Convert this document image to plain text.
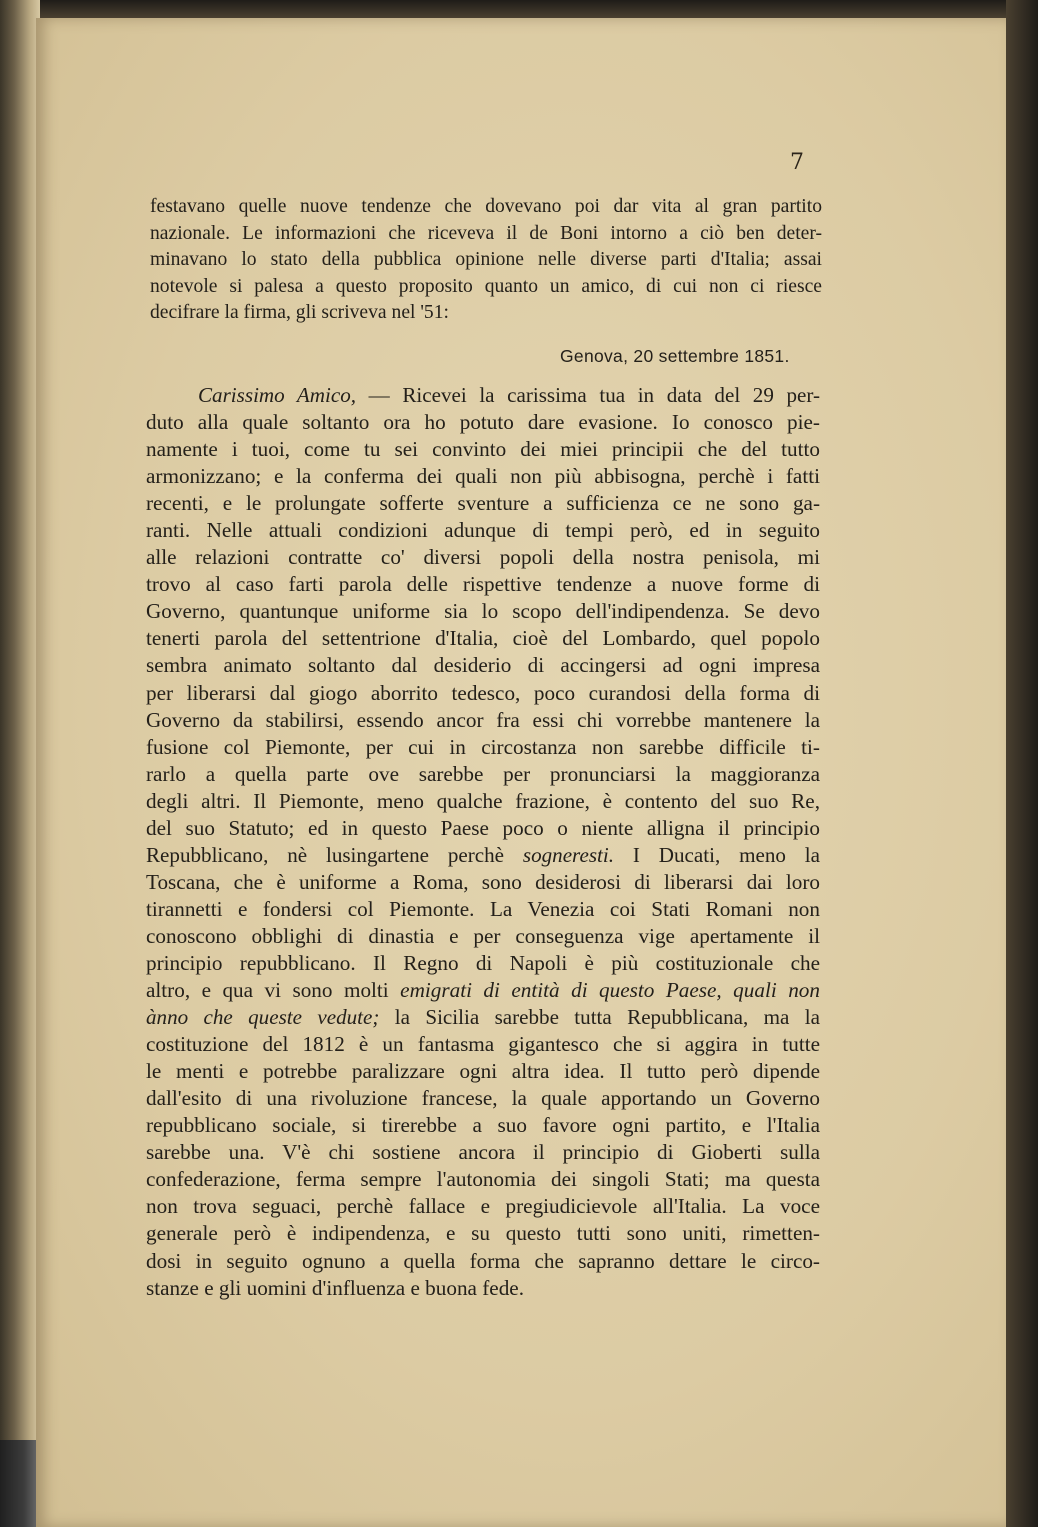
7
festavano quelle nuove tendenze che dovevano poi dar vita al gran partito
nazionale. Le informazioni che riceveva il de Boni intorno a ciò ben deter-
minavano lo stato della pubblica opinione nelle diverse parti d'Italia; assai
notevole si palesa a questo proposito quanto un amico, di cui non ci riesce
decifrare la firma, gli scriveva nel '51:
Genova, 20 settembre 1851.
Carissimo Amico, — Ricevei la carissima tua in data del 29 per-
duto alla quale soltanto ora ho potuto dare evasione. Io conosco pie-
namente i tuoi, come tu sei convinto dei miei principii che del tutto
armonizzano; e la conferma dei quali non più abbisogna, perchè i fatti
recenti, e le prolungate sofferte sventure a sufficienza ce ne sono ga-
ranti. Nelle attuali condizioni adunque di tempi però, ed in seguito
alle relazioni contratte co' diversi popoli della nostra penisola, mi
trovo al caso farti parola delle rispettive tendenze a nuove forme di
Governo, quantunque uniforme sia lo scopo dell'indipendenza. Se devo
tenerti parola del settentrione d'Italia, cioè del Lombardo, quel popolo
sembra animato soltanto dal desiderio di accingersi ad ogni impresa
per liberarsi dal giogo aborrito tedesco, poco curandosi della forma di
Governo da stabilirsi, essendo ancor fra essi chi vorrebbe mantenere la
fusione col Piemonte, per cui in circostanza non sarebbe difficile ti-
rarlo a quella parte ove sarebbe per pronunciarsi la maggioranza
degli altri. Il Piemonte, meno qualche frazione, è contento del suo Re,
del suo Statuto; ed in questo Paese poco o niente alligna il principio
Repubblicano, nè lusingartene perchè sogneresti. I Ducati, meno la
Toscana, che è uniforme a Roma, sono desiderosi di liberarsi dai loro
tirannetti e fondersi col Piemonte. La Venezia coi Stati Romani non
conoscono obblighi di dinastia e per conseguenza vige apertamente il
principio repubblicano. Il Regno di Napoli è più costituzionale che
altro, e qua vi sono molti emigrati di entità di questo Paese, quali non
ànno che queste vedute; la Sicilia sarebbe tutta Repubblicana, ma la
costituzione del 1812 è un fantasma gigantesco che si aggira in tutte
le menti e potrebbe paralizzare ogni altra idea. Il tutto però dipende
dall'esito di una rivoluzione francese, la quale apportando un Governo
repubblicano sociale, si tirerebbe a suo favore ogni partito, e l'Italia
sarebbe una. V'è chi sostiene ancora il principio di Gioberti sulla
confederazione, ferma sempre l'autonomia dei singoli Stati; ma questa
non trova seguaci, perchè fallace e pregiudicievole all'Italia. La voce
generale però è indipendenza, e su questo tutti sono uniti, rimetten-
dosi in seguito ognuno a quella forma che sapranno dettare le circo-
stanze e gli uomini d'influenza e buona fede.
